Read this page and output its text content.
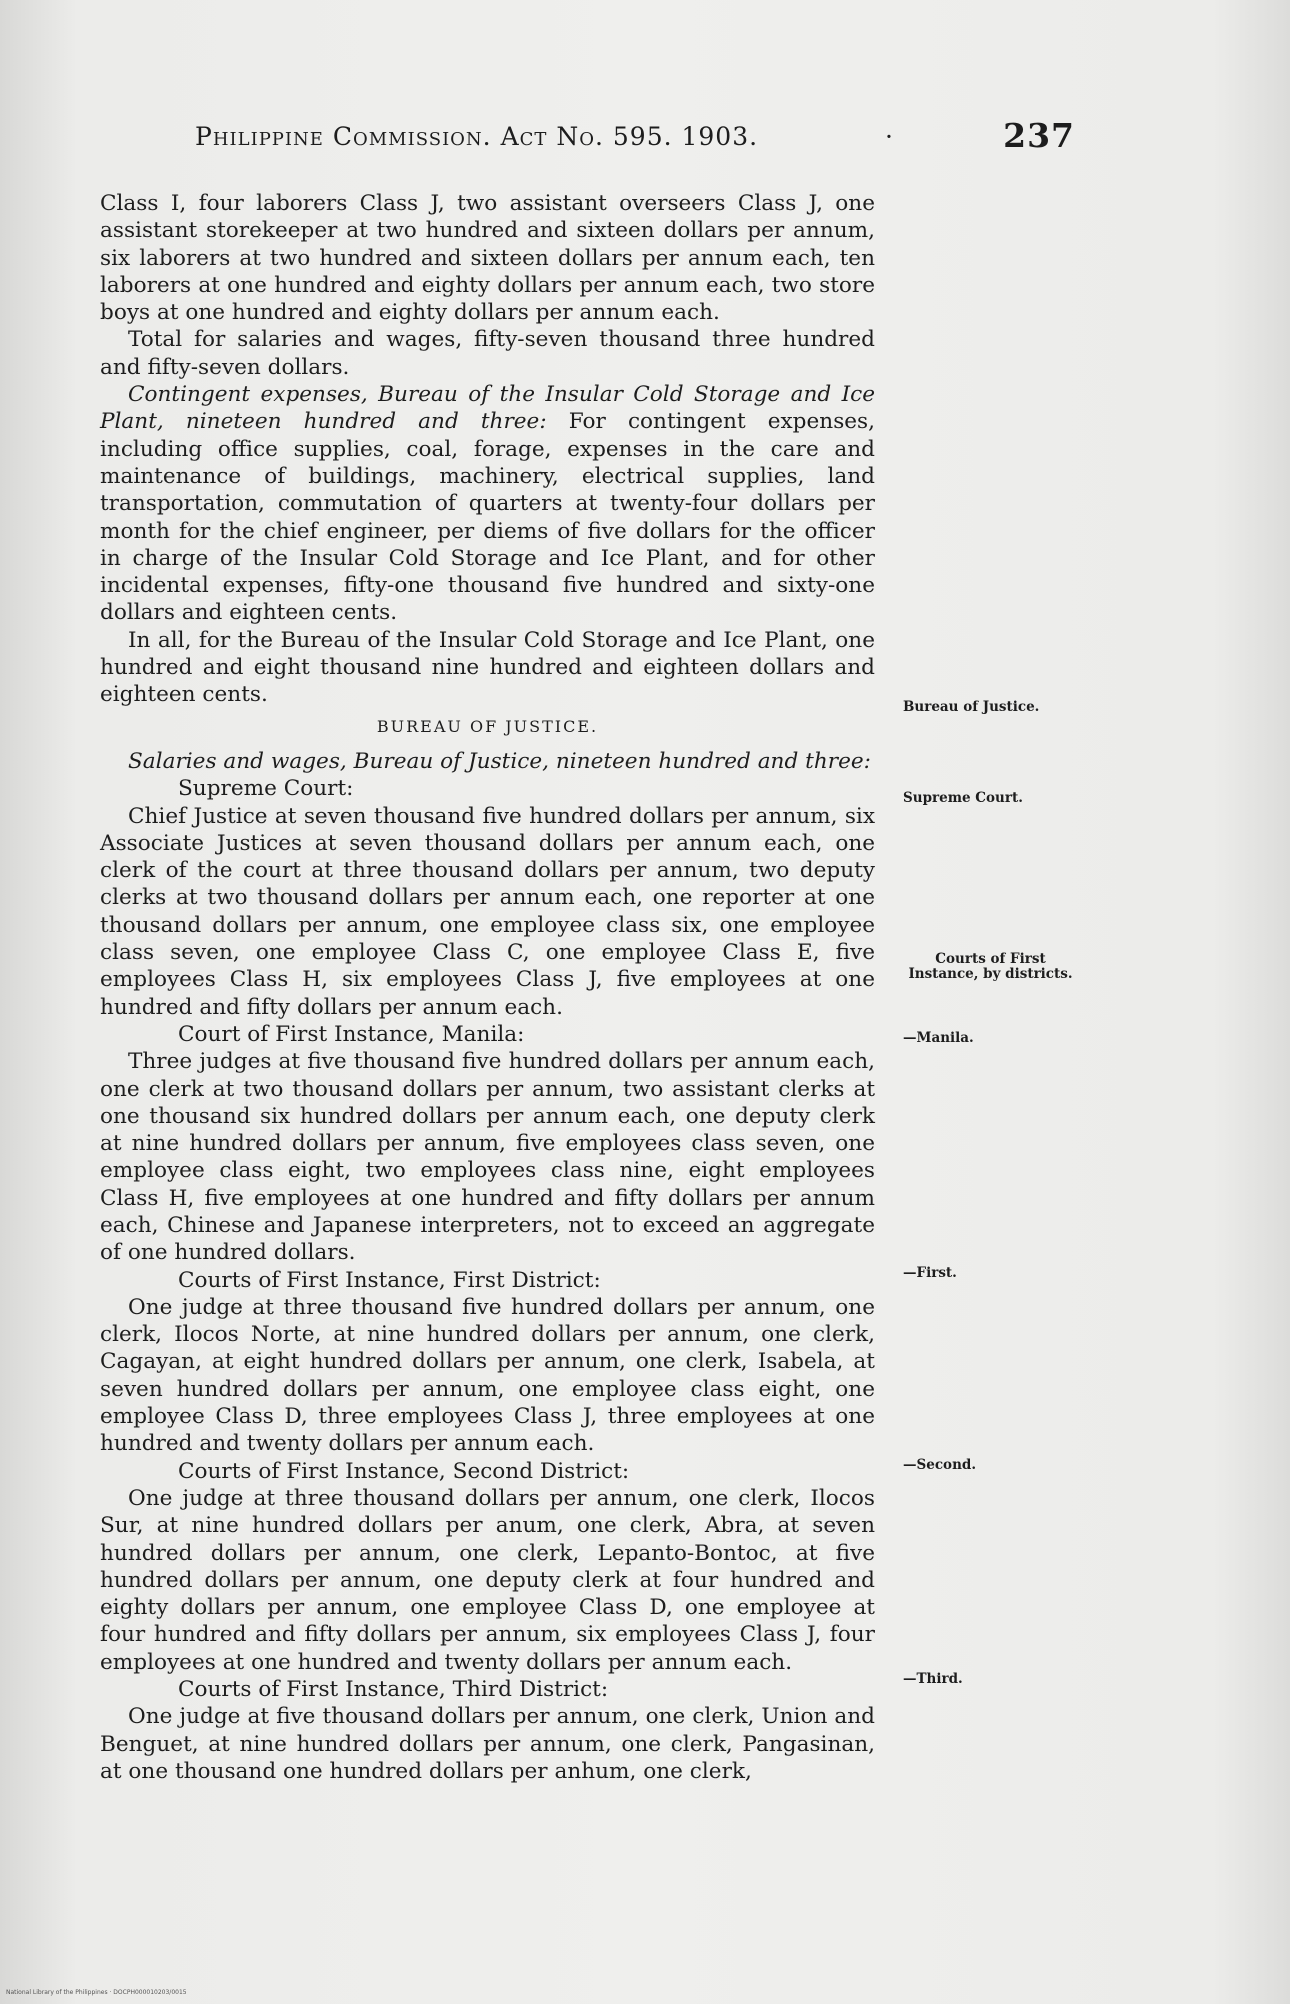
Philippine Commission. Act No. 595. 1903.	·	237

Class I, four laborers Class J, two assistant overseers Class J, one assistant storekeeper at two hundred and sixteen dollars per annum, six laborers at two hundred and sixteen dollars per annum each, ten laborers at one hundred and eighty dollars per annum each, two store boys at one hundred and eighty dollars per annum each.

Total for salaries and wages, fifty-seven thousand three hundred and fifty-seven dollars.

Contingent expenses, Bureau of the Insular Cold Storage and Ice Plant, nineteen hundred and three: For contingent expenses, including office supplies, coal, forage, expenses in the care and maintenance of buildings, machinery, electrical supplies, land transportation, commutation of quarters at twenty-four dollars per month for the chief engineer, per diems of five dollars for the officer in charge of the Insular Cold Storage and Ice Plant, and for other incidental expenses, fifty-one thousand five hundred and sixty-one dollars and eighteen cents.

In all, for the Bureau of the Insular Cold Storage and Ice Plant, one hundred and eight thousand nine hundred and eighteen dollars and eighteen cents.

BUREAU OF JUSTICE.

Salaries and wages, Bureau of Justice, nineteen hundred and three:

Supreme Court:

Chief Justice at seven thousand five hundred dollars per annum, six Associate Justices at seven thousand dollars per annum each, one clerk of the court at three thousand dollars per annum, two deputy clerks at two thousand dollars per annum each, one reporter at one thousand dollars per annum, one employee class six, one employee class seven, one employee Class C, one employee Class E, five employees Class H, six employees Class J, five employees at one hundred and fifty dollars per annum each.

Court of First Instance, Manila:

Three judges at five thousand five hundred dollars per annum each, one clerk at two thousand dollars per annum, two assistant clerks at one thousand six hundred dollars per annum each, one deputy clerk at nine hundred dollars per annum, five employees class seven, one employee class eight, two employees class nine, eight employees Class H, five employees at one hundred and fifty dollars per annum each, Chinese and Japanese interpreters, not to exceed an aggregate of one hundred dollars.

Courts of First Instance, First District:

One judge at three thousand five hundred dollars per annum, one clerk, Ilocos Norte, at nine hundred dollars per annum, one clerk, Cagayan, at eight hundred dollars per annum, one clerk, Isabela, at seven hundred dollars per annum, one employee class eight, one employee Class D, three employees Class J, three employees at one hundred and twenty dollars per annum each.

Courts of First Instance, Second District:

One judge at three thousand dollars per annum, one clerk, Ilocos Sur, at nine hundred dollars per anum, one clerk, Abra, at seven hundred dollars per annum, one clerk, Lepanto-Bontoc, at five hundred dollars per annum, one deputy clerk at four hundred and eighty dollars per annum, one employee Class D, one employee at four hundred and fifty dollars per annum, six employees Class J, four employees at one hundred and twenty dollars per annum each.

Courts of First Instance, Third District:

One judge at five thousand dollars per annum, one clerk, Union and Benguet, at nine hundred dollars per annum, one clerk, Pangasinan, at one thousand one hundred dollars per anhum, one clerk,

Bureau of Justice.
Supreme Court.
Courts of First Instance, by districts.
—Manila.
—First.
—Second.
—Third.
National Library of the Philippines · DOCPH000010203/0015
